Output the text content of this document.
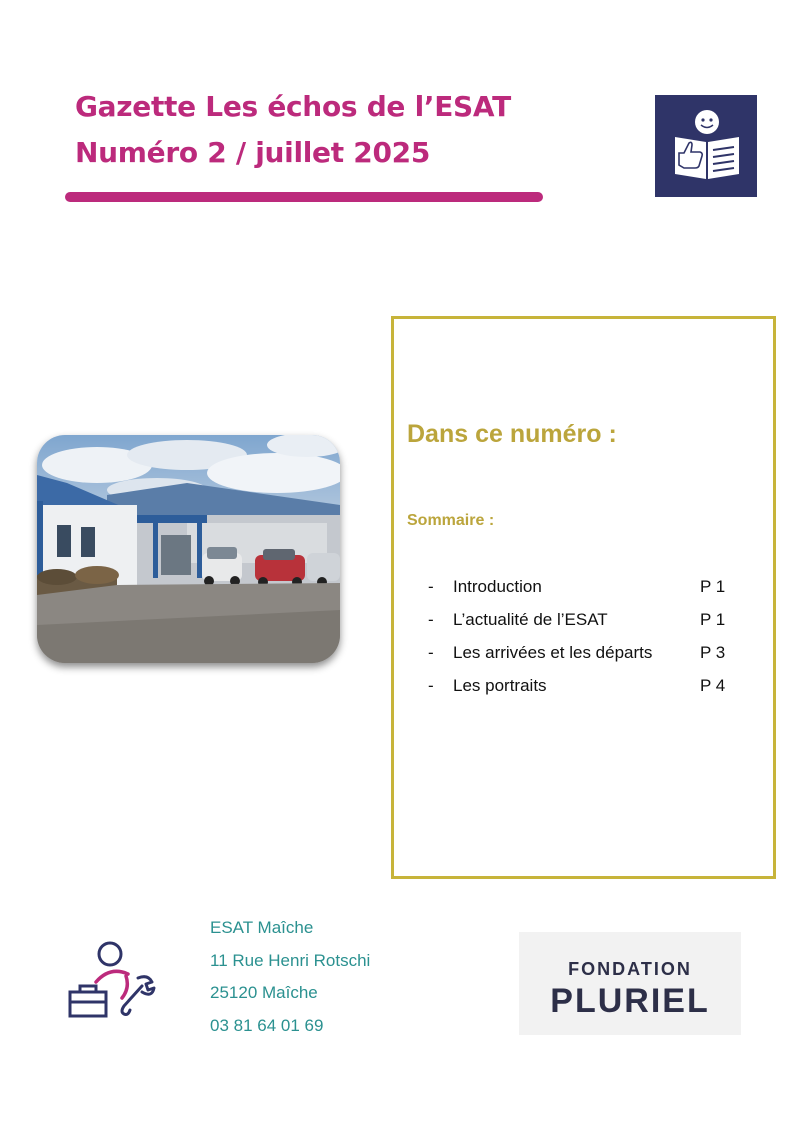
Gazette Les échos de l’ESAT
Numéro 2 / juillet 2025
Dans ce numéro :
Sommaire :
- Introduction	P 1
- L’actualité de l’ESAT	P 1
- Les arrivées et les départs	P 3
- Les portraits	P 4
ESAT Maîche
11 Rue Henri Rotschi
25120 Maîche
03 81 64 01 69
FONDATION
PLURIEL
